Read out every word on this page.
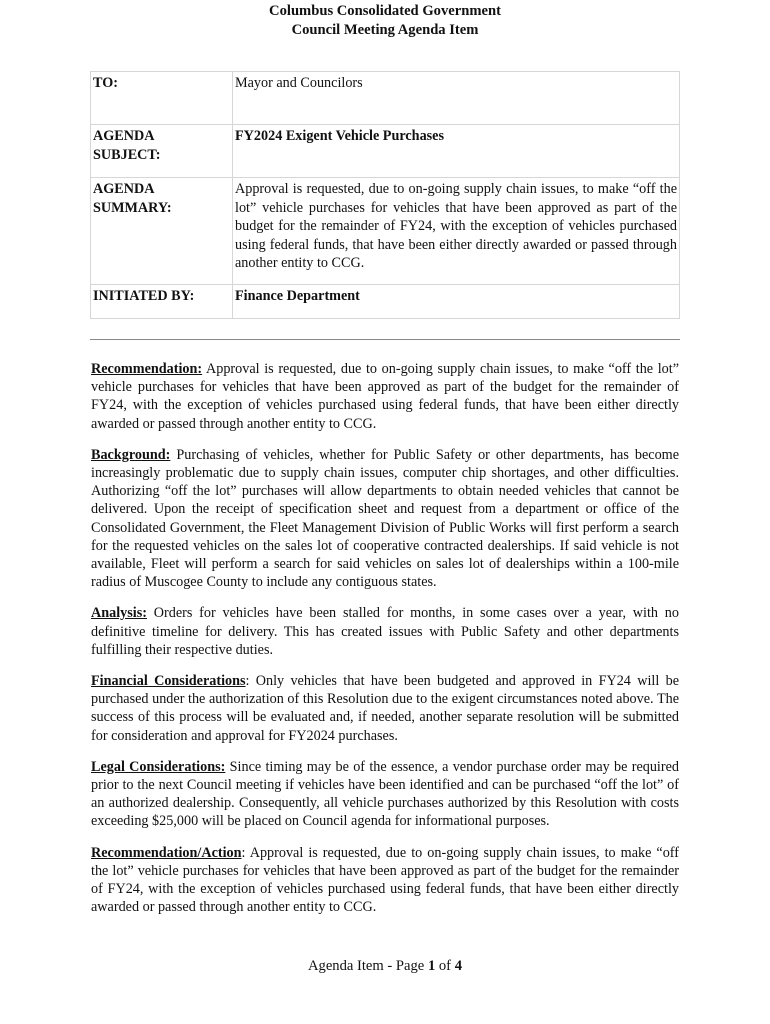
Columbus Consolidated Government
Council Meeting Agenda Item
TO:	Mayor and Councilors

AGENDA
SUBJECT:	FY2024 Exigent Vehicle Purchases

AGENDA
SUMMARY:	Approval is requested, due to on-going supply chain issues, to make “off the lot” vehicle purchases for vehicles that have been approved as part of the budget for the remainder of FY24, with the exception of vehicles purchased using federal funds, that have been either directly awarded or passed through another entity to CCG.
INITIATED BY:	Finance Department

Recommendation: Approval is requested, due to on-going supply chain issues, to make “off the lot” vehicle purchases for vehicles that have been approved as part of the budget for the remainder of FY24, with the exception of vehicles purchased using federal funds, that have been either directly awarded or passed through another entity to CCG.

Background: Purchasing of vehicles, whether for Public Safety or other departments, has become increasingly problematic due to supply chain issues, computer chip shortages, and other difficulties. Authorizing “off the lot” purchases will allow departments to obtain needed vehicles that cannot be delivered. Upon the receipt of specification sheet and request from a department or office of the Consolidated Government, the Fleet Management Division of Public Works will first perform a search for the requested vehicles on the sales lot of cooperative contracted dealerships. If said vehicle is not available, Fleet will perform a search for said vehicles on sales lot of dealerships within a 100-mile radius of Muscogee County to include any contiguous states.

Analysis: Orders for vehicles have been stalled for months, in some cases over a year, with no definitive timeline for delivery. This has created issues with Public Safety and other departments fulfilling their respective duties.

Financial Considerations: Only vehicles that have been budgeted and approved in FY24 will be purchased under the authorization of this Resolution due to the exigent circumstances noted above. The success of this process will be evaluated and, if needed, another separate resolution will be submitted for consideration and approval for FY2024 purchases.

Legal Considerations: Since timing may be of the essence, a vendor purchase order may be required prior to the next Council meeting if vehicles have been identified and can be purchased “off the lot” of an authorized dealership. Consequently, all vehicle purchases authorized by this Resolution with costs exceeding $25,000 will be placed on Council agenda for informational purposes.

Recommendation/Action: Approval is requested, due to on-going supply chain issues, to make “off the lot” vehicle purchases for vehicles that have been approved as part of the budget for the remainder of FY24, with the exception of vehicles purchased using federal funds, that have been either directly awarded or passed through another entity to CCG.

Agenda Item - Page 1 of 4
